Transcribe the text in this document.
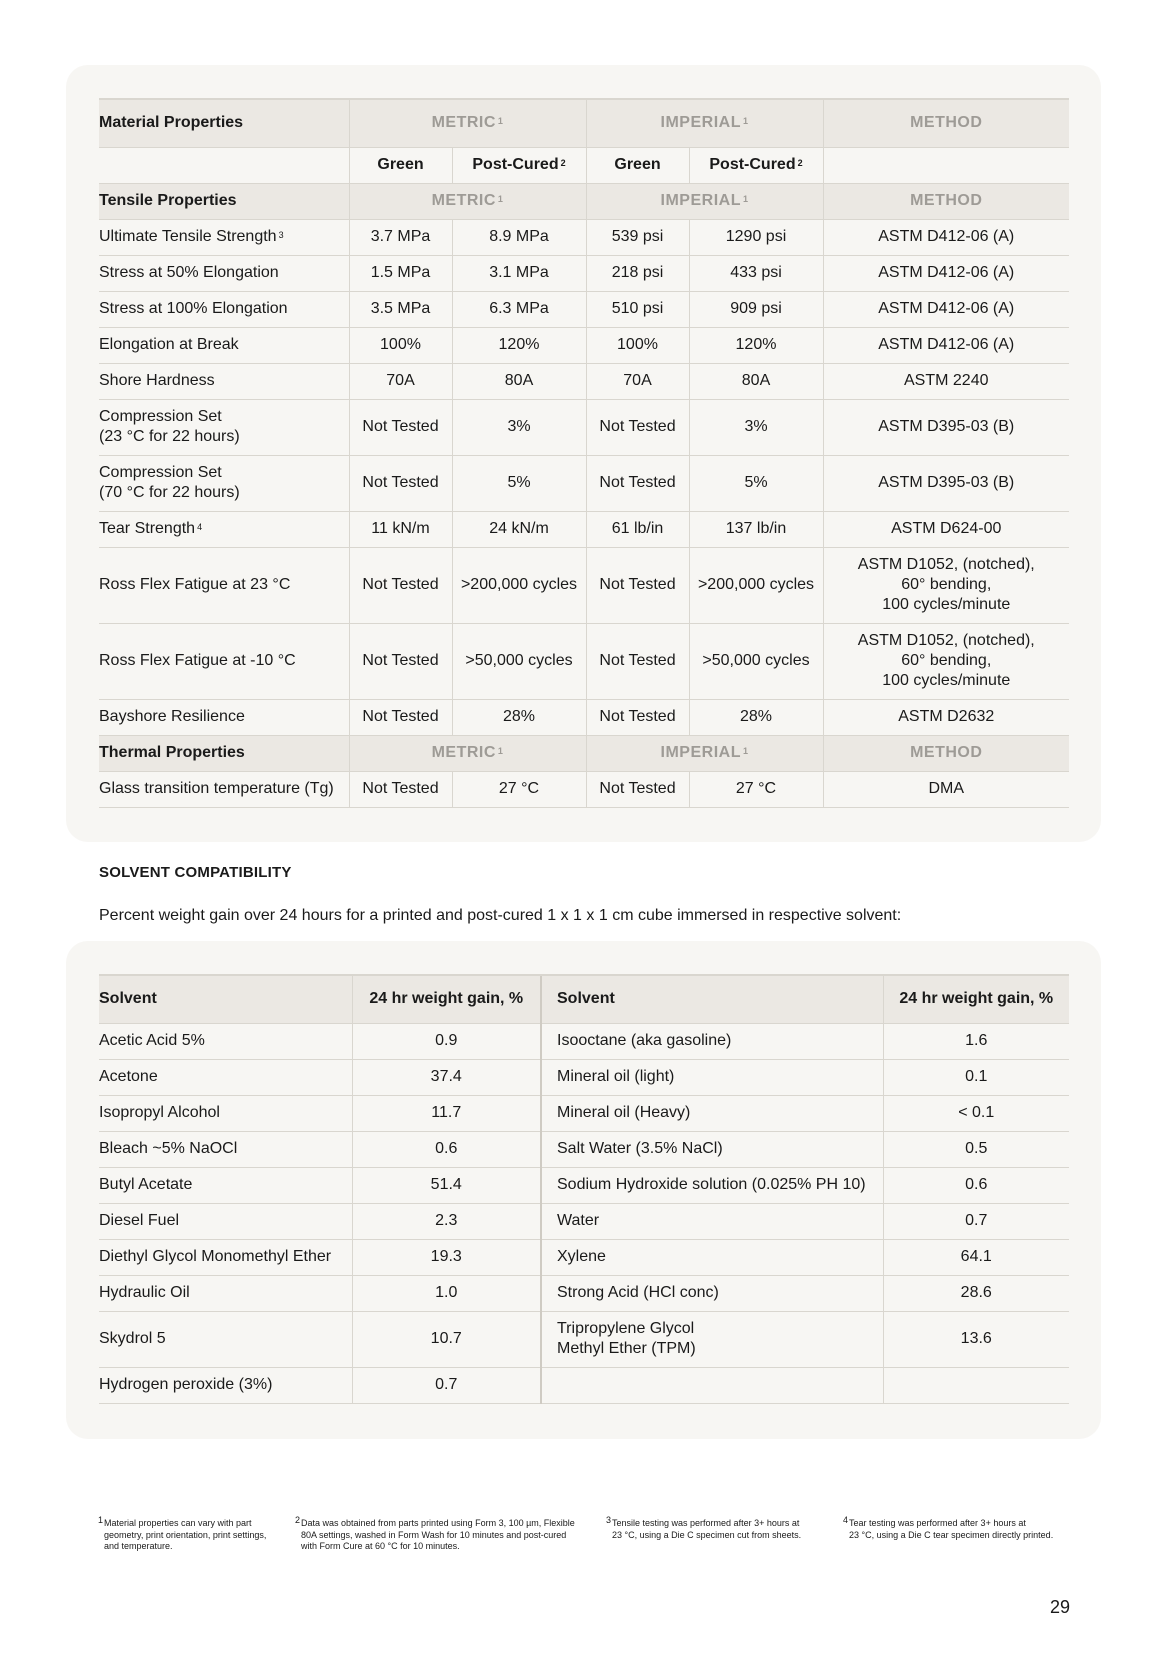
Material Properties	METRIC $^1$		IMPERIAL $^1$		METHOD
	Green	Post-Cured $^2$	Green	Post-Cured $^2$	
Tensile Properties	METRIC $^1$		IMPERIAL $^1$		METHOD
Ultimate Tensile Strength $^3$	3.7 MPa	8.9 MPa	539 psi	1290 psi	ASTM D412-06 (A)
Stress at 50% Elongation	1.5 MPa	3.1 MPa	218 psi	433 psi	ASTM D412-06 (A)
Stress at 100% Elongation	3.5 MPa	6.3 MPa	510 psi	909 psi	ASTM D412-06 (A)
Elongation at Break	100%	120%	100%	120%	ASTM D412-06 (A)
Shore Hardness	70A	80A	70A	80A	ASTM 2240

Compression Set
(23 °C for 22 hours)	Not Tested	3%	Not Tested	3%	ASTM D395-03 (B)

Compression Set
(70 °C for 22 hours)	Not Tested	5%	Not Tested	5%	ASTM D395-03 (B)
Tear Strength $^4$	11 kN/m	24 kN/m	61 lb/in	137 lb/in	ASTM D624-00
Ross Flex Fatigue at 23 °C	Not Tested	>200,000 cycles	Not Tested	>200,000 cycles	ASTM D1052, (notched),
60° bending,
100 cycles/minute

Ross Flex Fatigue at -10 °C	Not Tested	>50,000 cycles	Not Tested	>50,000 cycles	ASTM D1052, (notched),
60° bending,
100 cycles/minute

Bayshore Resilience	Not Tested	28%	Not Tested	28%	ASTM D2632
Thermal Properties	METRIC $^1$		IMPERIAL $^1$		METHOD
Glass transition temperature (Tg)	Not Tested	27 °C	Not Tested	27 °C	DMA
SOLVENT COMPATIBILITY
Percent weight gain over 24 hours for a printed and post-cured 1 x 1 x 1 cm cube immersed in respective solvent:
Solvent	24 hr weight gain, %	Solvent	24 hr weight gain, %
Acetic Acid 5%	0.9	Isooctane (aka gasoline)	1.6
Acetone	37.4	Mineral oil (light)	0.1
Isopropyl Alcohol	11.7	Mineral oil (Heavy)	< 0.1
Bleach ~5% NaOCl	0.6	Salt Water (3.5% NaCl)	0.5
Butyl Acetate	51.4	Sodium Hydroxide solution (0.025% PH 10)	0.6
Diesel Fuel	2.3	Water	0.7
Diethyl Glycol Monomethyl Ether	19.3	Xylene	64.1
Hydraulic Oil	1.0	Strong Acid (HCl conc)	28.6
Skydrol 5	10.7	Tripropylene Glycol
Methyl Ether (TPM)	13.6
Hydrogen peroxide (3%)	0.7		
1 Material properties can vary with part
geometry, print orientation, print settings,
and temperature.
2 Data was obtained from parts printed using Form 3, 100 µm, Flexible
80A settings, washed in Form Wash for 10 minutes and post-cured
with Form Cure at 60 °C for 10 minutes.
3 Tensile testing was performed after 3+ hours at
23 °C, using a Die C specimen cut from sheets.
4 Tear testing was performed after 3+ hours at
23 °C, using a Die C tear specimen directly printed.
29
